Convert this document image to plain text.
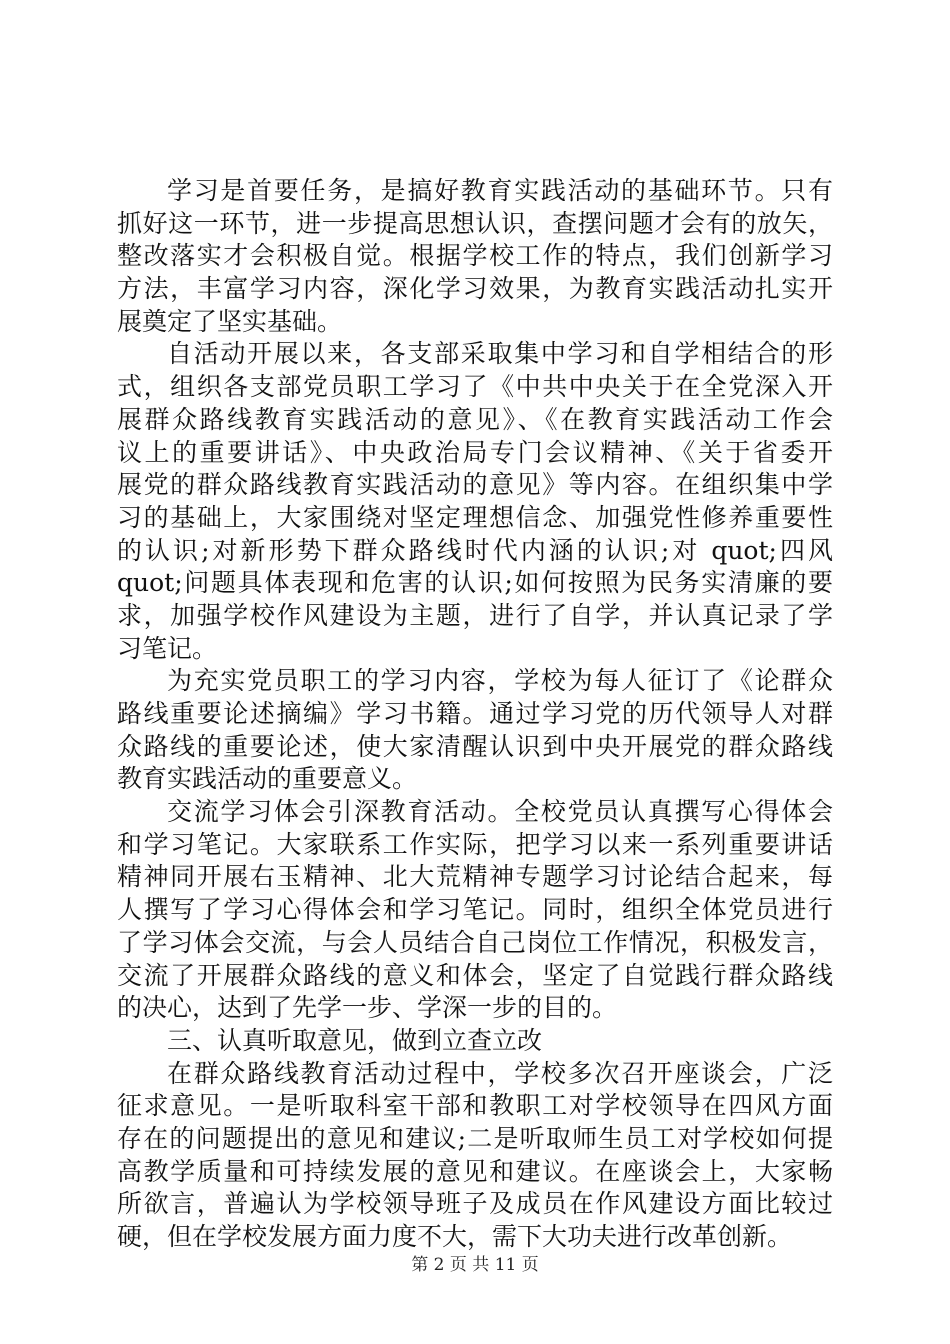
学习是首要任务，是搞好教育实践活动的基础环节。只有
抓好这一环节，进一步提高思想认识，查摆问题才会有的放矢，
整改落实才会积极自觉。根据学校工作的特点，我们创新学习
方法，丰富学习内容，深化学习效果，为教育实践活动扎实开
展奠定了坚实基础。
自活动开展以来，各支部采取集中学习和自学相结合的形
式，组织各支部党员职工学习了《中共中央关于在全党深入开
展群众路线教育实践活动的意见》、《在教育实践活动工作会
议上的重要讲话》、中央政治局专门会议精神、《关于省委开
展党的群众路线教育实践活动的意见》等内容。在组织集中学
习的基础上，大家围绕对坚定理想信念、加强党性修养重要性
的认识;对新形势下群众路线时代内涵的认识;对 quot;四风
quot;问题具体表现和危害的认识;如何按照为民务实清廉的要
求，加强学校作风建设为主题，进行了自学，并认真记录了学
习笔记。
为充实党员职工的学习内容，学校为每人征订了《论群众
路线重要论述摘编》学习书籍。通过学习党的历代领导人对群
众路线的重要论述，使大家清醒认识到中央开展党的群众路线
教育实践活动的重要意义。
交流学习体会引深教育活动。全校党员认真撰写心得体会
和学习笔记。大家联系工作实际，把学习以来一系列重要讲话
精神同开展右玉精神、北大荒精神专题学习讨论结合起来，每
人撰写了学习心得体会和学习笔记。同时，组织全体党员进行
了学习体会交流，与会人员结合自己岗位工作情况，积极发言，
交流了开展群众路线的意义和体会，坚定了自觉践行群众路线
的决心，达到了先学一步、学深一步的目的。
三、认真听取意见，做到立查立改
在群众路线教育活动过程中，学校多次召开座谈会，广泛
征求意见。一是听取科室干部和教职工对学校领导在四风方面
存在的问题提出的意见和建议;二是听取师生员工对学校如何提
高教学质量和可持续发展的意见和建议。在座谈会上，大家畅
所欲言，普遍认为学校领导班子及成员在作风建设方面比较过
硬，但在学校发展方面力度不大，需下大功夫进行改革创新。
第 2 页 共 11 页
